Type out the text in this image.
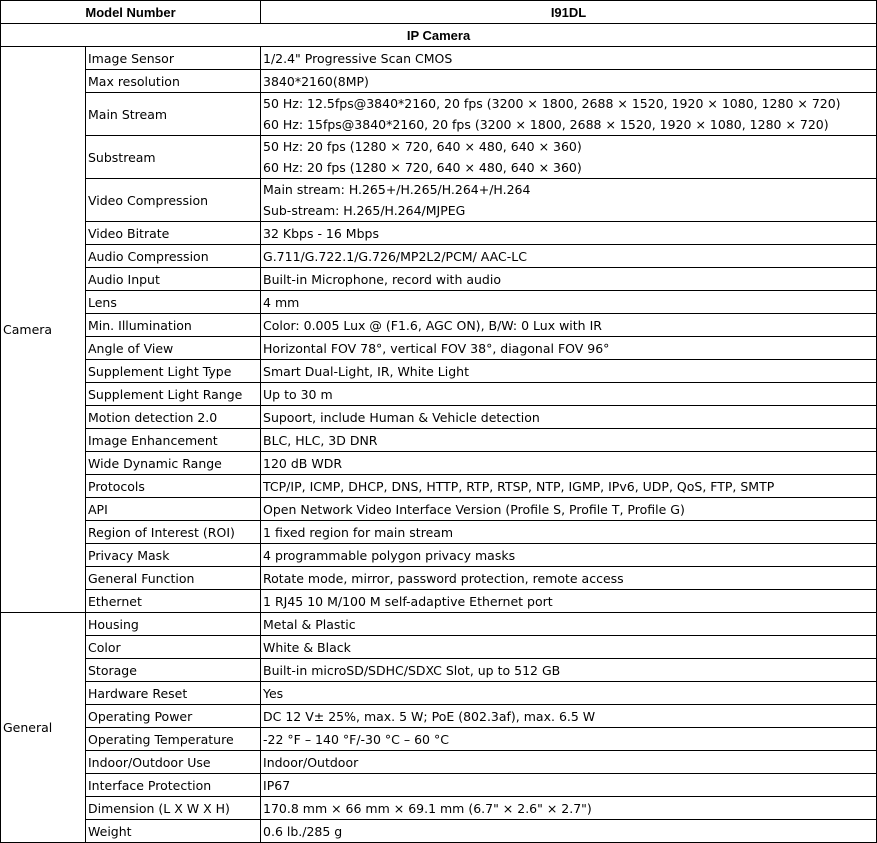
Model Number		I91DL
IP Camera		
Camera	Image Sensor	1/2.4" Progressive Scan CMOS

	Max resolution	3840*2160(8MP)

	Main Stream	50 Hz: 12.5fps@3840*2160, 20 fps (3200 × 1800, 2688 × 1520, 1920 × 1080, 1280 × 720)
60 Hz: 15fps@3840*2160, 20 fps (3200 × 1800, 2688 × 1520, 1920 × 1080, 1280 × 720)

	Substream	50 Hz: 20 fps (1280 × 720, 640 × 480, 640 × 360)
60 Hz: 20 fps (1280 × 720, 640 × 480, 640 × 360)

	Video Compression	Main stream: H.265+/H.265/H.264+/H.264
Sub-stream: H.265/H.264/MJPEG

	Video Bitrate	32 Kbps - 16 Mbps

	Audio Compression	G.711/G.722.1/G.726/MP2L2/PCM/ AAC-LC

	Audio Input	Built-in Microphone, record with audio

	Lens	4 mm

	Min. Illumination	Color: 0.005 Lux @ (F1.6, AGC ON), B/W: 0 Lux with IR

	Angle of View	Horizontal FOV 78°, vertical FOV 38°, diagonal FOV 96°

	Supplement Light Type	Smart Dual-Light, IR, White Light

	Supplement Light Range	Up to 30 m

	Motion detection 2.0	Supoort, include Human & Vehicle detection

	Image Enhancement	BLC, HLC, 3D DNR

	Wide Dynamic Range	120 dB WDR

	Protocols	TCP/IP, ICMP, DHCP, DNS, HTTP, RTP, RTSP, NTP, IGMP, IPv6, UDP, QoS, FTP, SMTP

	API	Open Network Video Interface Version (Profile S, Profile T, Profile G)

	Region of Interest (ROI)	1 fixed region for main stream

	Privacy Mask	4 programmable polygon privacy masks

	General Function	Rotate mode, mirror, password protection, remote access

	Ethernet	1 RJ45 10 M/100 M self-adaptive Ethernet port

General	Housing	Metal & Plastic

	Color	White & Black

	Storage	Built-in microSD/SDHC/SDXC Slot, up to 512 GB

	Hardware Reset	Yes

	Operating Power	DC 12 V± 25%, max. 5 W; PoE (802.3af), max. 6.5 W

	Operating Temperature	-22 °F – 140 °F/-30 °C – 60 °C

	Indoor/Outdoor Use	Indoor/Outdoor

	Interface Protection	IP67

	Dimension (L X W X H)	170.8 mm × 66 mm × 69.1 mm (6.7" × 2.6" × 2.7")

	Weight	0.6 lb./285 g
